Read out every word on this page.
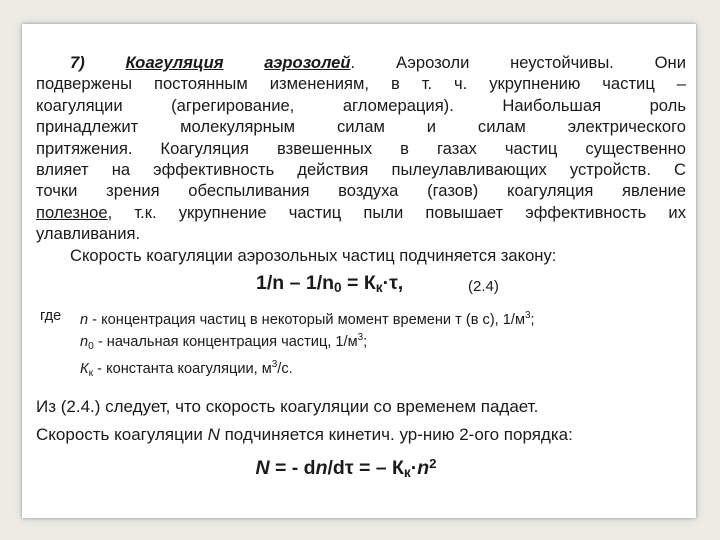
7) Коагуляция аэрозолей. Аэрозоли неустойчивы. Они

подвержены постоянным изменениям, в т. ч. укрупнению частиц –

коагуляции (агрегирование, агломерация). Наибольшая роль

принадлежит молекулярным силам и силам электрического

притяжения. Коагуляция взвешенных в газах частиц существенно

влияет на эффективность действия пылеулавливающих устройств. С

точки зрения обеспыливания воздуха (газов) коагуляция явление

полезное, т.к. укрупнение частиц пыли повышает эффективность их

улавливания.

Скорость коагуляции аэрозольных частиц подчиняется закону:

$1/n - 1/n_0 = К_к\cdot\tau$,	(2.4)
где	n - концентрация частиц в некоторый момент времени т (в с), $1/м^3$;
$n_0$ - начальная концентрация частиц, $1/м^3$;
$К_к$ - константа коагуляции, $м^3/с$.

Из (2.4.) следует, что скорость коагуляции со временем падает.

Скорость коагуляции N подчиняется кинетич. ур-нию 2-ого порядка:

N = - dn/dτ = – $К_к\cdot n^2$
